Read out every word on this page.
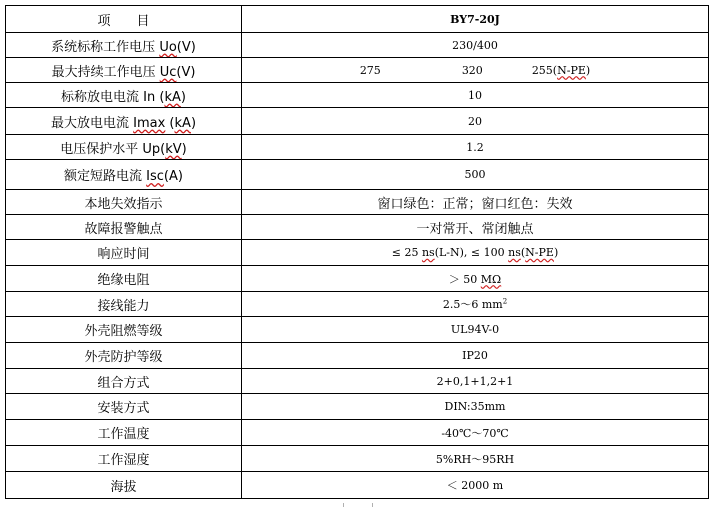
项　　目	BY7-20J
系统标称工作电压 Uo(V)	230/400
最大持续工作电压 Uc(V)	275 320 255(N-PE)

标称放电电流 In (kA)	10
最大放电电流 Imax (kA)	20
电压保护水平 Up(kV)	1.2
额定短路电流 Isc(A)	500
本地失效指示	窗口绿色：正常；窗口红色：失效
故障报警触点	一对常开、常闭触点
响应时间	≤ 25 ns(L-N), ≤ 100 ns(N-PE)
绝缘电阻	＞ 50 MΩ
接线能力	2.5～6 $mm^2$
外壳阻燃等级	UL94V-0
外壳防护等级	IP20
组合方式	2+0,1+1,2+1
安装方式	DIN:35mm
工作温度	-40℃～70℃
工作湿度	5%RH～95RH
海拔	＜ 2000 m
